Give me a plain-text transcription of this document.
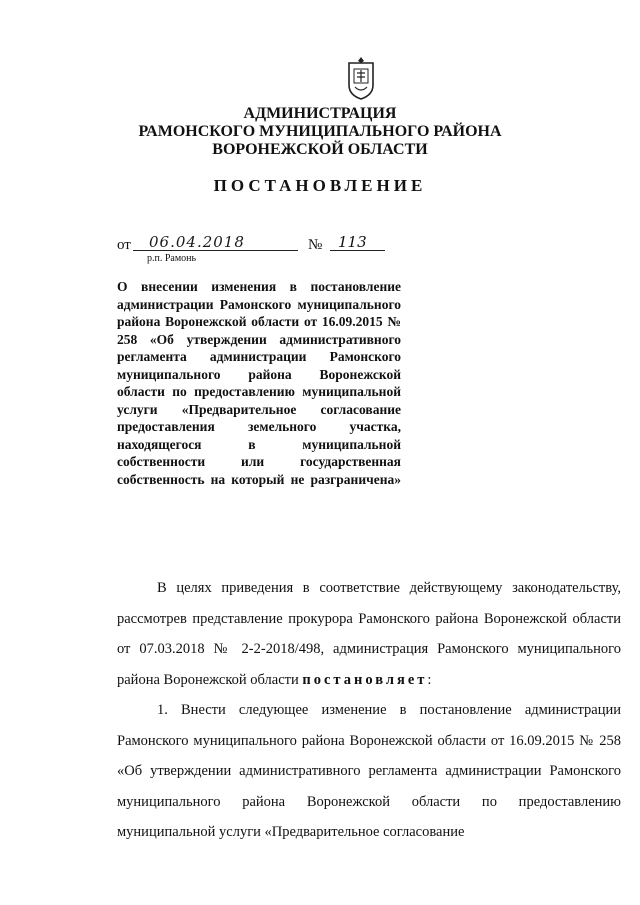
АДМИНИСТРАЦИЯ
РАМОНСКОГО МУНИЦИПАЛЬНОГО РАЙОНА
ВОРОНЕЖСКОЙ ОБЛАСТИ
ПОСТАНОВЛЕНИЕ
от 06.04.2018	№ 113
р.п. Рамонь
О внесении изменения в постановление администрации Рамонского муниципального района Воронежской области от 16.09.2015 № 258 «Об утверждении административного регламента администрации Рамонского муниципального района Воронежской области по предоставлению муниципальной услуги «Предварительное согласование предоставления земельного участка, находящегося в муниципальной собственности или государственная собственность на который не разграничена»

В целях приведения в соответствие действующему законодательству, рассмотрев представление прокурора Рамонского района Воронежской области от 07.03.2018 № 2-2-2018/498, администрация Рамонского муниципального района Воронежской области постановляет:

1. Внести следующее изменение в постановление администрации Рамонского муниципального района Воронежской области от 16.09.2015 № 258 «Об утверждении административного регламента администрации Рамонского муниципального района Воронежской области по предоставлению муниципальной услуги «Предварительное согласование
